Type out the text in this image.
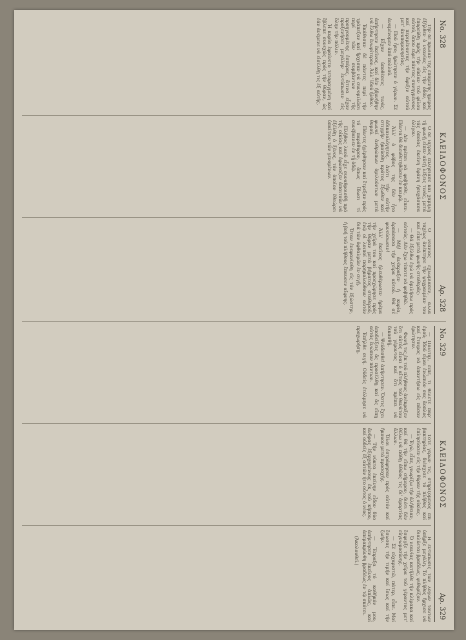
No. 328
ΚΛΕΙΔΟΦΟΝΟΣ
Αρ. 328

Τήν δέ πρωίαν τῆς ἑπομένης ἡμέρας ἐξῆλθεν ὁ νεανίας εἰς τήν ὁδόν, καί ἐπορεύθη πρός τήν οἰκίαν τοῦ φίλου αὐτοῦ, ὅπου εὗρε πάντας συνηγμένους καί περιμένοντας τήν ἄφιξιν αὐτοῦ μετ' ἀνυπομονησίας.

— Ποῦ ἦσο; ἠρώτησεν ὁ γέρων. Σέ ἀναμένομεν ἀπό πολλοῦ.

— Εἶχον ὑποθέσεις τινάς, ἀπήντησεν ἐκεῖνος, καί δέν ἠδυνήθην νά ἔλθω ἐνωρίτερον. Ἀλλ' ἰδού ἦλθον.

Ἐκάθισαν δέ πάντες περί τήν τράπεζαν καί ἤρχισαν νά συνομιλῶσι περί τῶν συμβάντων τῆς προηγουμένης ἑσπέρας, ἅτινα εἶχον προξενήσει μεγάλην ἐντύπωσιν εἰς ὅλην τήν πόλιν.

Ἡ κυρία ἐφαίνετο τεταραγμένη καί ἔβλεπε συνεχῶς πρός τήν θύραν, ὡς ἐάν ἀνέμενε νά εἰσέλθῃ τις ἐξ αὐτῆς.

Ὁ δέ ἰατρός ἐπλησίασε καί χαμηλῇ τῇ φωνῇ εἶπεν αὐτῇ λέξεις τινάς, μετά τάς ὁποίας ἐκείνη ἐφάνη ἡσυχάσασα ὀλίγον.

— Δέν πρέπει νά φοβῆσθε, εἶπεν. Πάντα θά διευθετηθῶσιν ἐν καιρῷ.

Ἀλλ' ὁ φόβος της δέν ἦτο ἀδικαιολόγητος. Διότι τήν αὐτήν στιγμήν ἠκούσθη κρότος ἔξωθεν καί φωναί ἀνθρώπων ὁμιλούντων μετά θυμοῦ.

Πάντες ἠγέρθησαν καί ἔτρεξαν πρός τό παράθυρον, ὅπως ἴδωσι τί συνέβαινεν ἐν τῇ ὁδῷ.

Πλῆθος λαοῦ εἶχε συναθροισθῆ πρό τῆς οἰκίας καί ἐφώναζεν ἀπαιτοῦν νά ἐξέλθῃ ὁ ξένος, τόν ὁποῖον ἐθεώρει ὑπαίτιον τῶν γενομένων.

Ὁ νεανίας ἐχλώμιασεν, ἀλλά ταχέως ἀνέκτησε τήν ψυχραιμίαν του καί εἶπε μετά φωνῆς σταθερᾶς:

— Θά ἐξέλθω ἐγώ νά ὁμιλήσω πρός αὐτούς. Δέν ἔχω τίποτε νά φοβηθῶ.

— Μή! ἀνέκραξεν ἡ κυρία, ἁρπάσασα τήν χεῖρα αὐτοῦ. Θά σέ φονεύσωσιν!

Ἀλλ' ἐκεῖνος ἠλευθέρωσεν ἠρέμα τήν χεῖρά του καί προεχώρησε πρός τήν θύραν μετά βήματος σταθεροῦ, ἐνῷ οἱ λοιποί παρηκολούθουν αὐτόν διά τῶν ὀφθαλμῶν ἐν σιγῇ.

Ὅταν ἐνεφανίσθη εἰς τόν ἐξώστην, ἡ βοή τοῦ πλήθους ἔπαυσεν αἴφνης.

No. 329
ΚΛΕΙΔΟΦΟΝΟΣ
Αρ. 329

— Πολῖται, εἶπε, τί θέλετε παρ' ἐμοῦ; Ἰδού εἶμαι ἐνώπιόν σας ἄοπλος καί ἕτοιμος νά ἀπαντήσω εἰς πᾶσαν ἐρώτησιν.

Φωνή τις ἐκ τοῦ πλήθους ἀνέκραξεν ὅτι αὐτός εἶναι ὁ αἴτιος τοῦ θανάτου τοῦ γέροντος καί ὅτι πρέπει νά δικασθῇ.

— Ψεύδεσθε! ἀπήντησεν. Ὅστις ἔχει ἀποδείξεις ἄς προσέλθῃ καί ἄς εἴπῃ αὐτάς ἐνώπιον πάντων.

Ἐπῆλθε σιγή. Οὐδείς ἐτόλμησε νά προχωρήσῃ.

Τότε γέρων τις, στηριζόμενος ἐπί βακτηρίας, διέσχισε τό πλῆθος καί ἐπλησίασεν εἰς τήν θύραν τῆς οἰκίας.

— Ἐγώ, εἶπε, γνωρίζω τήν ἀλήθειαν, καί θά τήν εἴπω σήμερον, διότι δέν θέλω νά πάθῃ ἀθῶος τις δι' ἁμαρτίας ἄλλων.

Ὅλοι ἐστράφησαν πρός αὐτόν καί ἤκουον μετά προσοχῆς.

— Τήν νύκτα ἐκείνην εἶδον δύο ἄνδρας ἐξερχομένους ἐκ τοῦ κήπου, καί οὐδείς ἐξ αὐτῶν ἦτο οὗτος ὁ νέος.

Ἡ ἐντύπωσις τῶν λόγων τούτων ὑπῆρξε μεγάλη. Τό πλῆθος ἤρχισε νά διαλύεται βραδέως, ψιθυρίζον.

Ὁ νεανίας κατῆλθε τήν κλίμακα καί ἔσφιγξε τήν χεῖρα τοῦ γέροντος μετ' εὐγνωμοσύνης.

— Σέ εὐχαριστῶ, πάτερ, εἶπε. Μοί ἔσωσας τήν τιμήν καί ἴσως καί τήν ζωήν.

— Ἔπραξα τό καθῆκόν μου, ἀπήντησεν ἐκεῖνος ἁπλῶς, καί ἀπεμακρύνθη βραδέως ἐν τῷ σκότει.

(Ἀκολουθεῖ.)
